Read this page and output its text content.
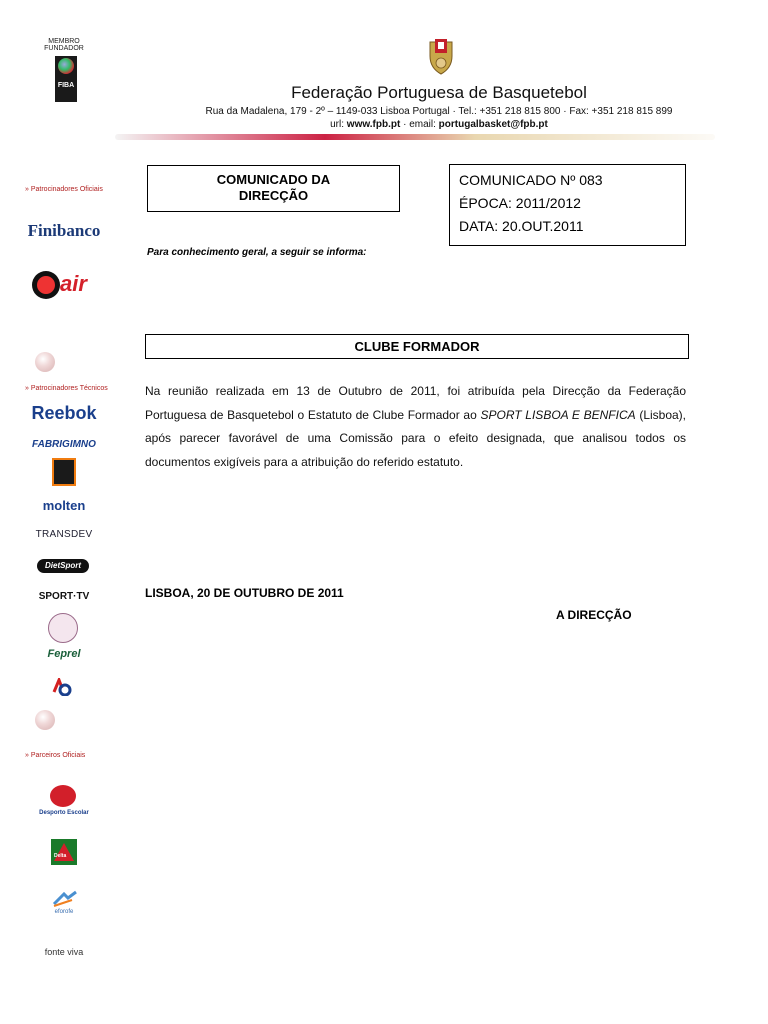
MEMBRO FUNDADOR
FIBA	Federação Portuguesa de Basquetebol
Rua da Madalena, 179 - 2º – 1149-033 Lisboa Portugal · Tel.: +351 218 815 800 · Fax: +351 218 815 899
url: www.fpb.pt · email: portugalbasket@fpb.pt
» Patrocinadores Oficiais
Finibanco
air
» Patrocinadores Técnicos
Reebok
FABRIGIMNO
molten
TRANSDEV
DietSport
SPORT·TV
Feprel
» Parceiros Oficiais
Desporto Escolar
Delta
eforofe
fonte viva
COMUNICADO DA
DIRECÇÃO
COMUNICADO Nº 083
ÉPOCA: 2011/2012
DATA: 20.OUT.2011
Para conhecimento geral, a seguir se informa:
CLUBE FORMADOR
Na reunião realizada em 13 de Outubro de 2011, foi atribuída pela Direcção da Federação Portuguesa de Basquetebol o Estatuto de Clube Formador ao SPORT LISBOA E BENFICA (Lisboa), após parecer favorável de uma Comissão para o efeito designada, que analisou todos os documentos exigíveis para a atribuição do referido estatuto.
LISBOA, 20 DE OUTUBRO DE 2011
A DIRECÇÃO
